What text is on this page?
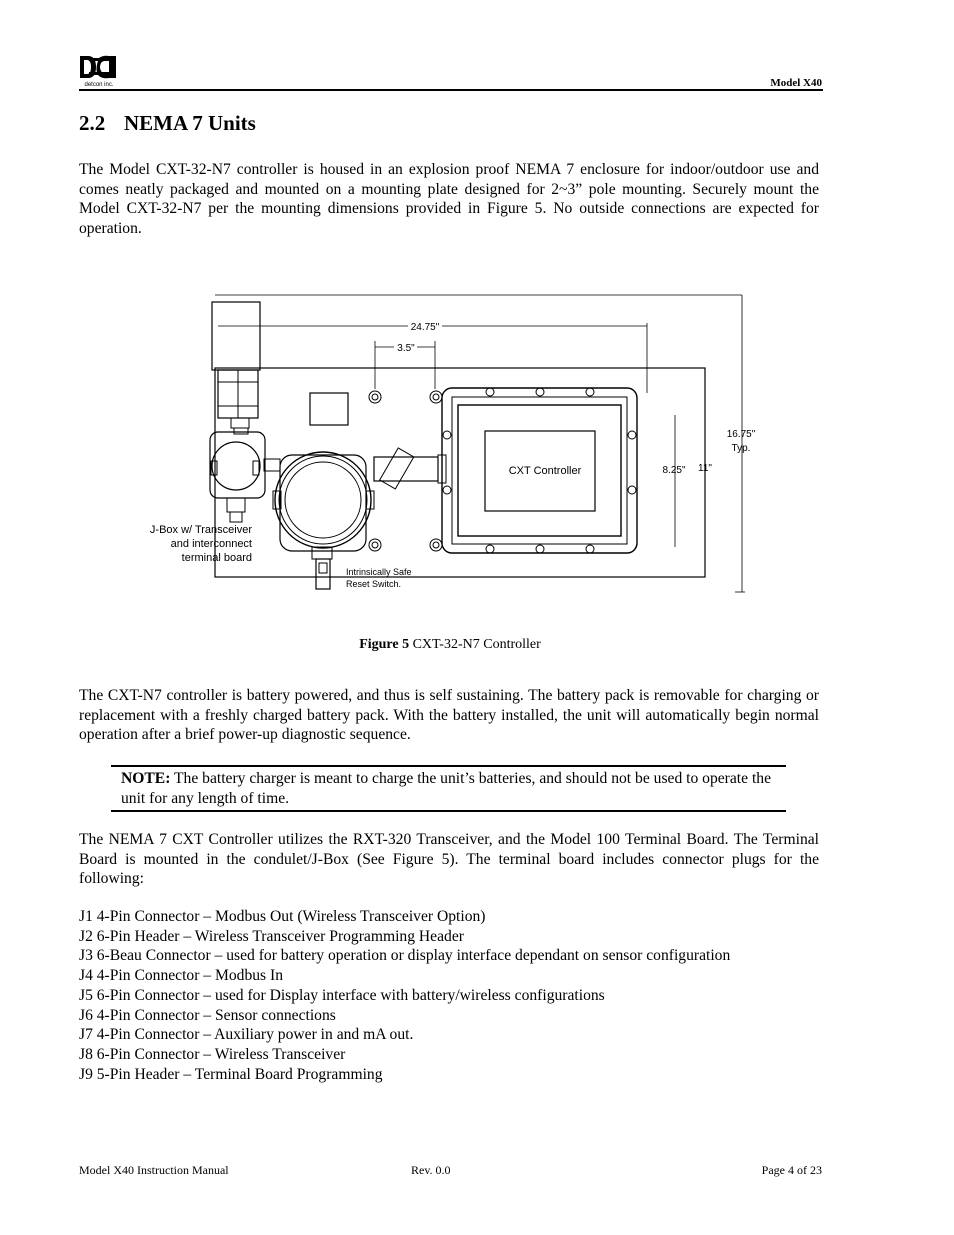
detcon inc.	Model X40
2.2 NEMA 7 Units
The Model CXT-32-N7 controller is housed in an explosion proof NEMA 7 enclosure for indoor/outdoor use and comes neatly packaged and mounted on a mounting plate designed for 2~3” pole mounting. Securely mount the Model CXT-32-N7 per the mounting dimensions provided in Figure 5. No outside connections are expected for operation.
24.75"
3.5"
16.75"
Typ.
8.25" 11"
CXT Controller
J-Box w/ Transceiver
and interconnect
terminal board
Intrinsically Safe
Reset Switch.
Figure 5 CXT-32-N7 Controller
The CXT-N7 controller is battery powered, and thus is self sustaining. The battery pack is removable for charging or replacement with a freshly charged battery pack. With the battery installed, the unit will automatically begin normal operation after a brief power-up diagnostic sequence.
NOTE: The battery charger is meant to charge the unit’s batteries, and should not be used to operate the unit for any length of time.
The NEMA 7 CXT Controller utilizes the RXT-320 Transceiver, and the Model 100 Terminal Board. The Terminal Board is mounted in the condulet/J-Box (See Figure 5). The terminal board includes connector plugs for the following:
J1 4-Pin Connector – Modbus Out (Wireless Transceiver Option)
J2 6-Pin Header – Wireless Transceiver Programming Header
J3 6-Beau Connector – used for battery operation or display interface dependant on sensor configuration
J4 4-Pin Connector – Modbus In
J5 6-Pin Connector – used for Display interface with battery/wireless configurations
J6 4-Pin Connector – Sensor connections
J7 4-Pin Connector – Auxiliary power in and mA out.
J8 6-Pin Connector – Wireless Transceiver
J9 5-Pin Header – Terminal Board Programming
Model X40 Instruction Manual	Rev. 0.0	Page 4 of 23
